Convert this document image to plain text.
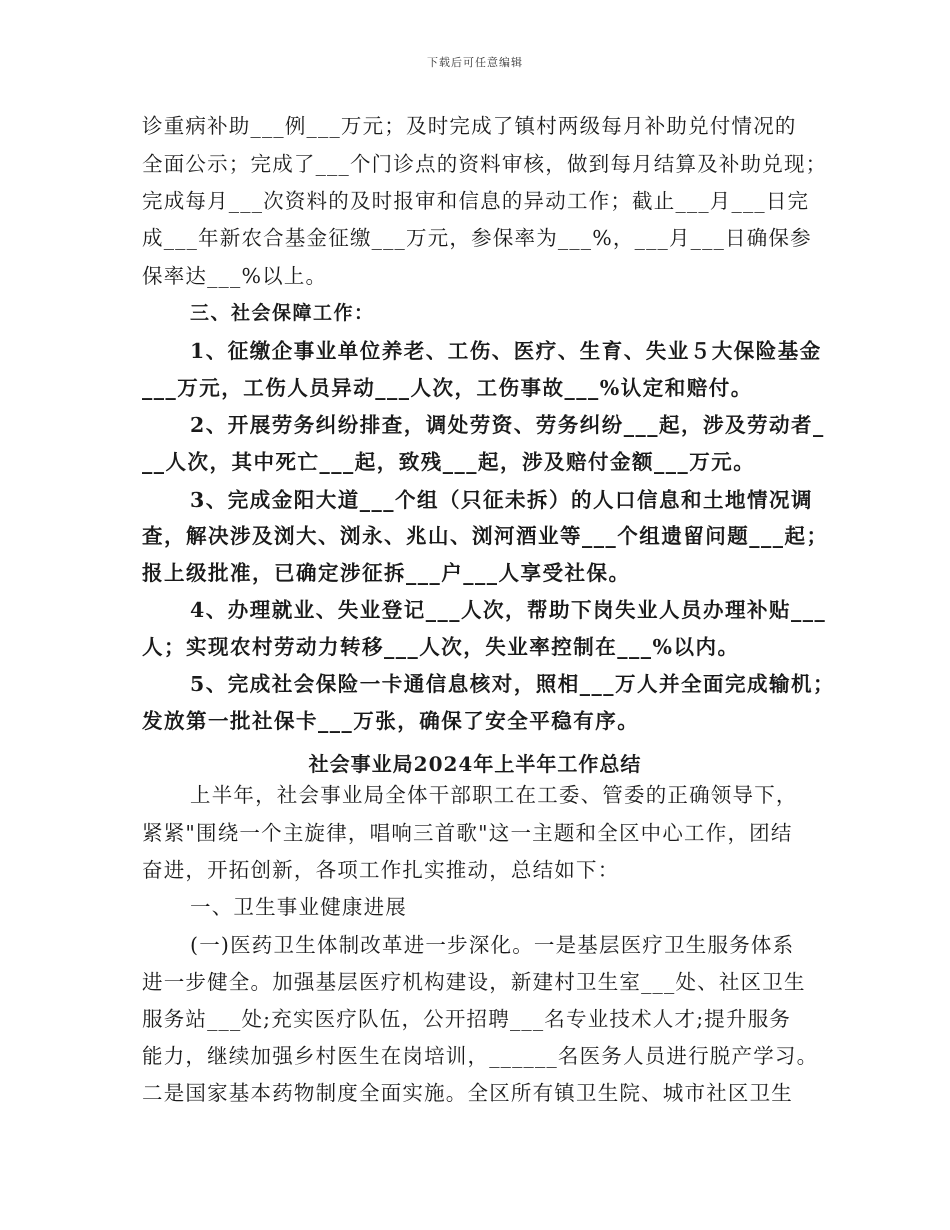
下载后可任意编辑
诊重病补助___例___万元；及时完成了镇村两级每月补助兑付情况的
全面公示；完成了___个门诊点的资料审核，做到每月结算及补助兑现；
完成每月___次资料的及时报审和信息的异动工作；截止___月___日完
成___年新农合基金征缴___万元，参保率为___%，___月___日确保参
保率达___%以上。
三、社会保障工作：
1、征缴企事业单位养老、工伤、医疗、生育、失业５大保险基金
___万元，工伤人员异动___人次，工伤事故___%认定和赔付。
2、开展劳务纠纷排查，调处劳资、劳务纠纷___起，涉及劳动者_
__人次，其中死亡___起，致残___起，涉及赔付金额___万元。
3、完成金阳大道___个组（只征未拆）的人口信息和土地情况调
查，解决涉及浏大、浏永、兆山、浏河酒业等___个组遗留问题___起；
报上级批准，已确定涉征拆___户___人享受社保。
4、办理就业、失业登记___人次，帮助下岗失业人员办理补贴___
人；实现农村劳动力转移___人次，失业率控制在___%以内。
5、完成社会保险一卡通信息核对，照相___万人并全面完成输机；
发放第一批社保卡___万张，确保了安全平稳有序。
社会事业局2024年上半年工作总结
上半年，社会事业局全体干部职工在工委、管委的正确领导下，
紧紧"围绕一个主旋律，唱响三首歌"这一主题和全区中心工作，团结
奋进，开拓创新，各项工作扎实推动，总结如下：
一、卫生事业健康进展
(一)医药卫生体制改革进一步深化。一是基层医疗卫生服务体系
进一步健全。加强基层医疗机构建设，新建村卫生室___处、社区卫生
服务站___处;充实医疗队伍，公开招聘___名专业技术人才;提升服务
能力，继续加强乡村医生在岗培训，______名医务人员进行脱产学习。
二是国家基本药物制度全面实施。全区所有镇卫生院、城市社区卫生
